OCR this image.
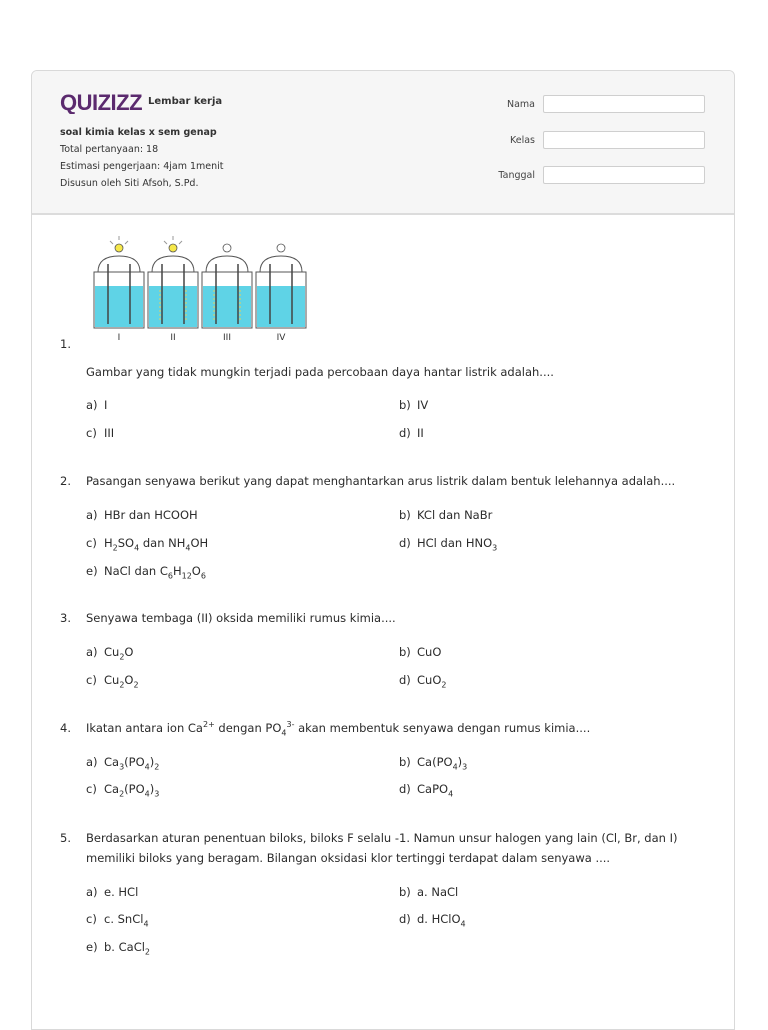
QUIZIZZ Lembar kerja
soal kimia kelas x sem genap
Total pertanyaan: 18
Estimasi pengerjaan: 4jam 1menit
Disusun oleh Siti Afsoh, S.Pd.
Nama
Kelas
Tanggal
I	II	III	IV
1.
Gambar yang tidak mungkin terjadi pada percobaan daya hantar listrik adalah....
a) I	b) IV
c) III	d) II
2. Pasangan senyawa berikut yang dapat menghantarkan arus listrik dalam bentuk lelehannya adalah....
a) HBr dan HCOOH	b) KCl dan NaBr
c) $H_2SO_4$ dan $NH_4OH$	d) HCl dan $HNO_3$
e) NaCl dan $C_6H_{12}O_6$
3. Senyawa tembaga (II) oksida memiliki rumus kimia....
a) $Cu_2O$	b) CuO
c) $Cu_2O_2$	d) CuO$_2$
4. Ikatan antara ion $Ca^{2+}$ dengan $PO_4^{3-}$ akan membentuk senyawa dengan rumus kimia....
a) $Ca_3(PO_4)_2$	b) $Ca(PO_4)_3$
c) $Ca_2(PO_4)_3$	d) CaPO$_4$
5. Berdasarkan aturan penentuan biloks, biloks F selalu -1. Namun unsur halogen yang lain (Cl, Br, dan I)
memiliki biloks yang beragam. Bilangan oksidasi klor tertinggi terdapat dalam senyawa ....
a) e. HCl	b) a. NaCl
c) c. SnCl$_4$	d) d. HClO$_4$
e) b. CaCl$_2$
